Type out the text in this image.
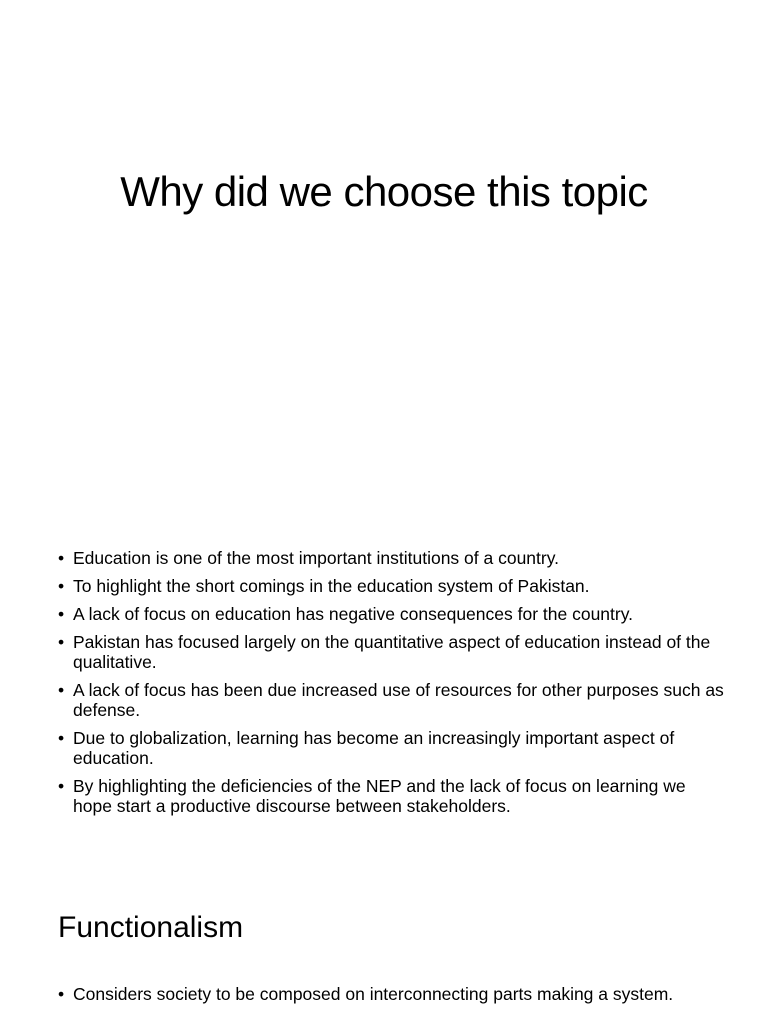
Why did we choose this topic
• Education is one of the most important institutions of a country.
• To highlight the short comings in the education system of Pakistan.
• A lack of focus on education has negative consequences for the country.
• Pakistan has focused largely on the quantitative aspect of education instead of the qualitative.
• A lack of focus has been due increased use of resources for other purposes such as defense.
• Due to globalization, learning has become an increasingly important aspect of education.
• By highlighting the deficiencies of the NEP and the lack of focus on learning we hope start a productive discourse between stakeholders.
Functionalism
• Considers society to be composed on interconnecting parts making a system.
